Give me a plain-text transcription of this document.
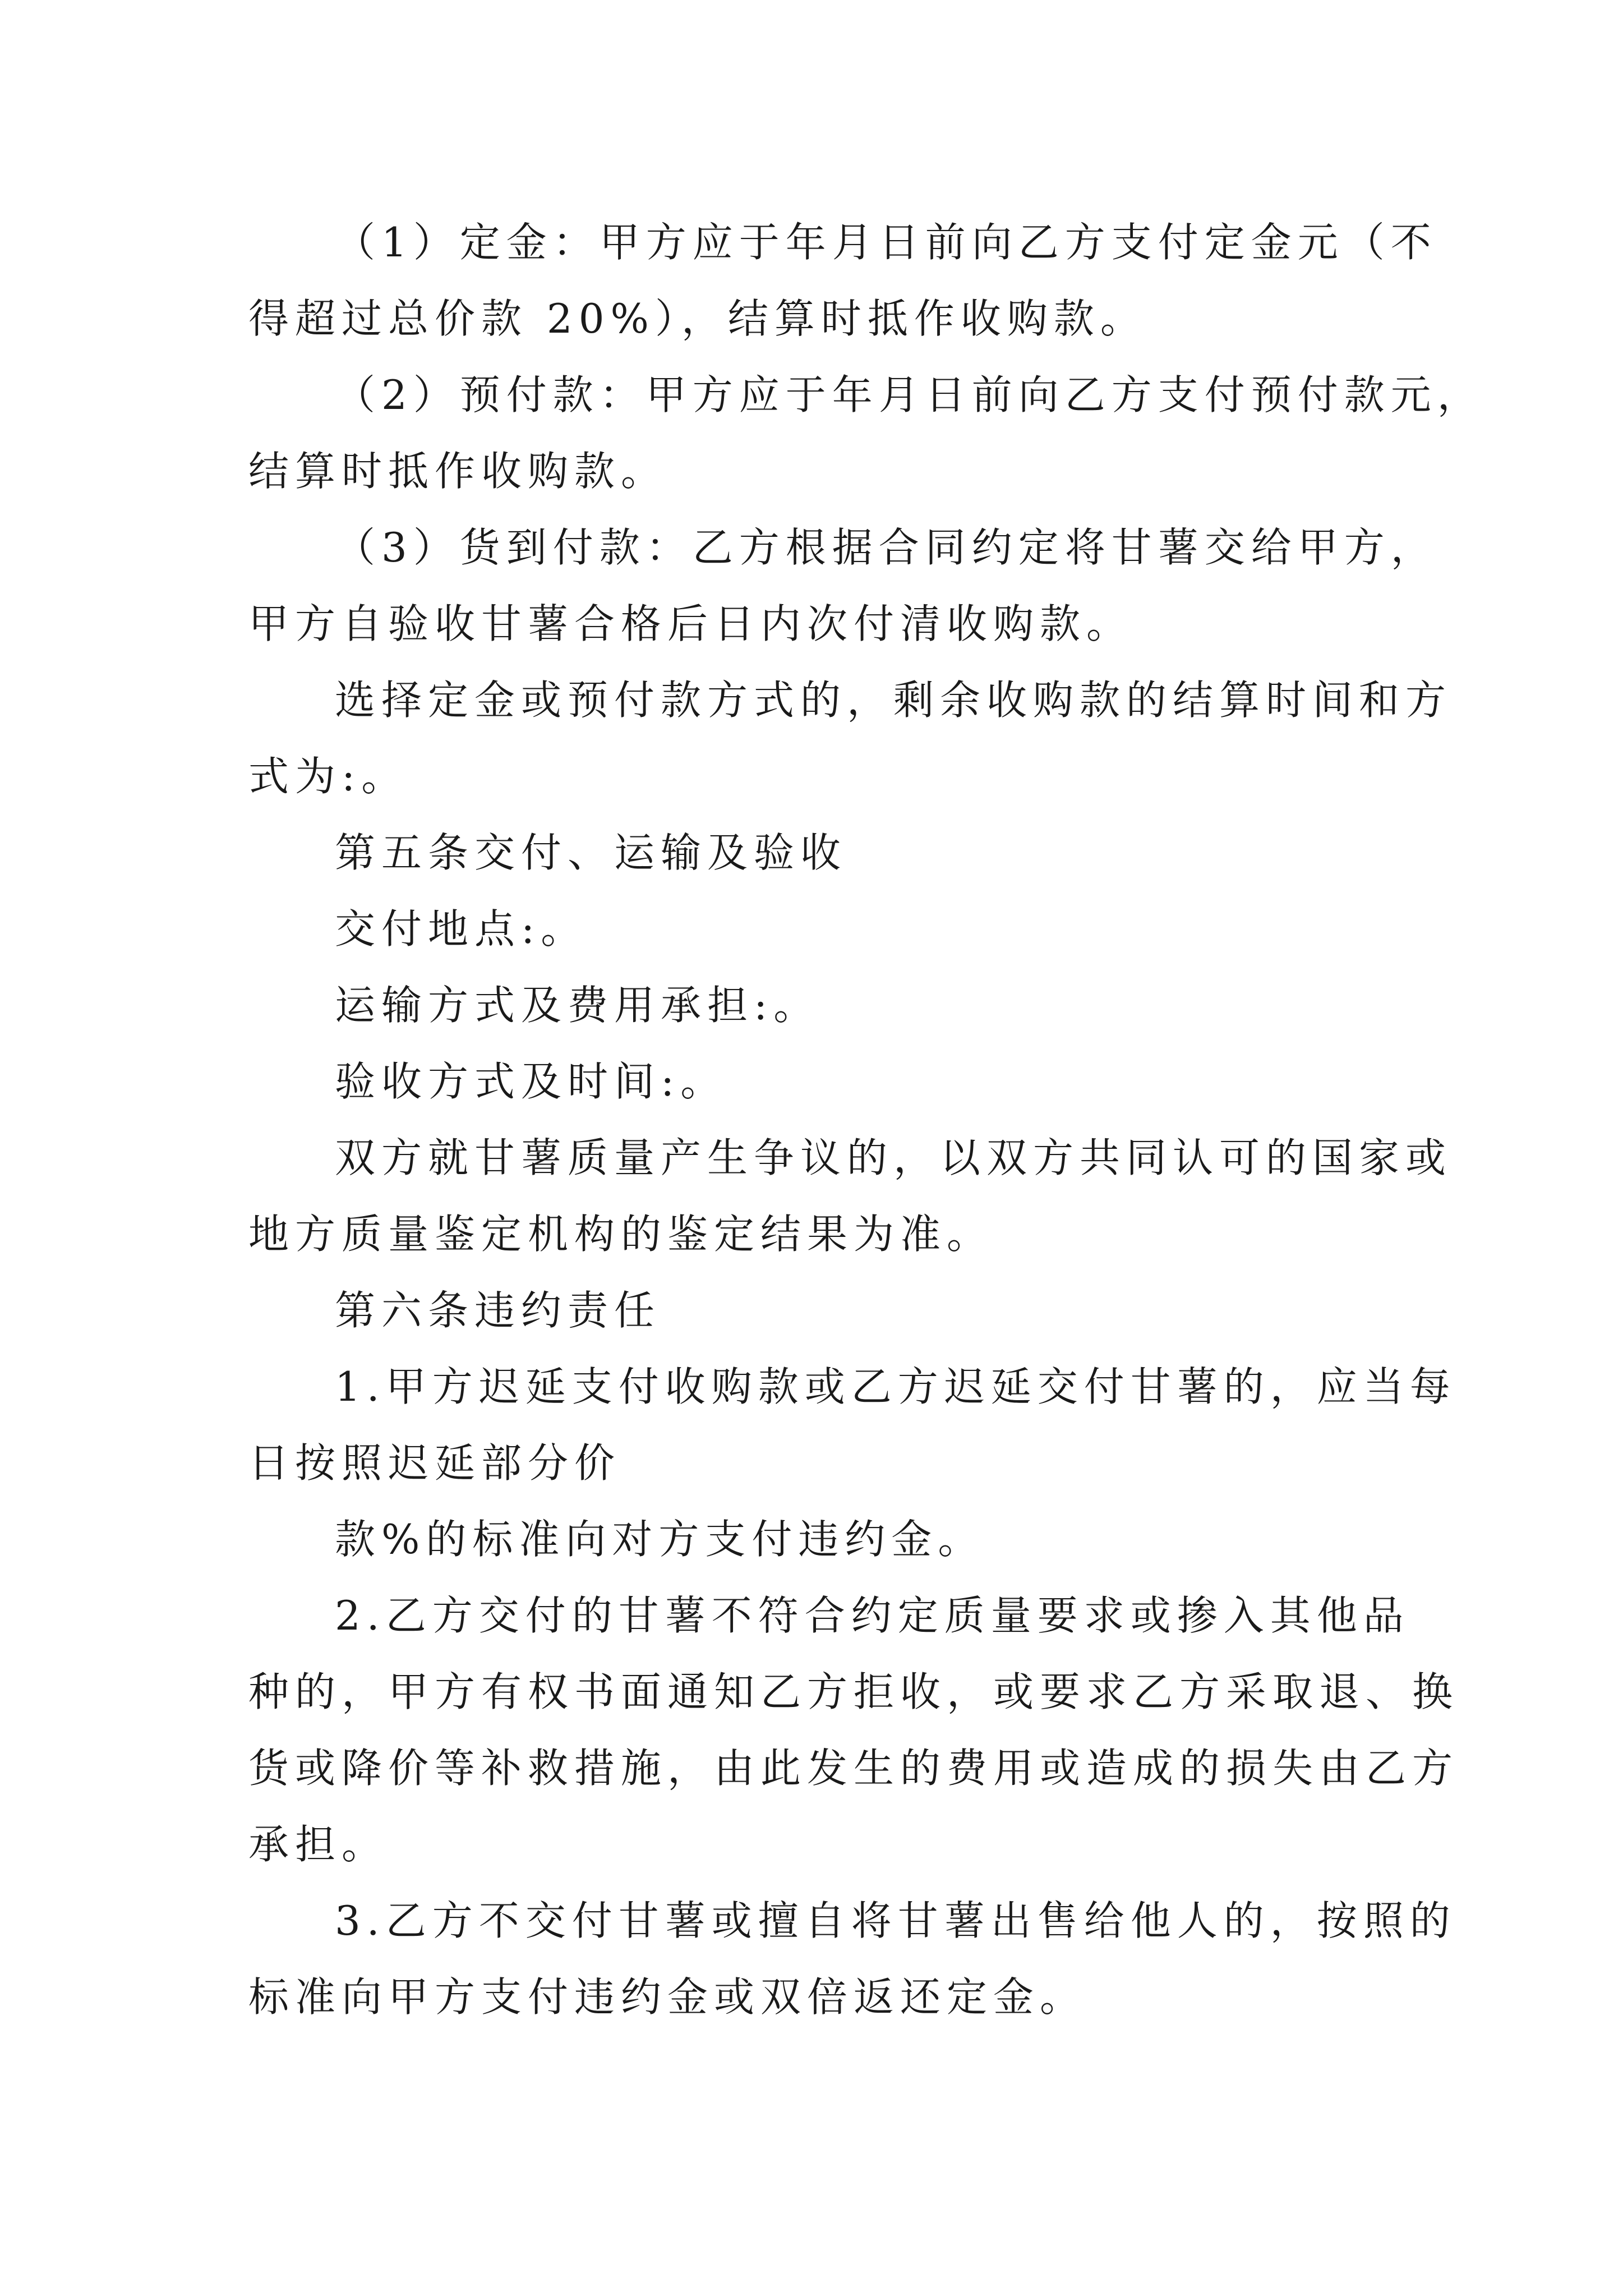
（1）定金：甲方应于年月日前向乙方支付定金元（不
得超过总价款 20%），结算时抵作收购款。
（2）预付款：甲方应于年月日前向乙方支付预付款元，
结算时抵作收购款。
（3）货到付款：乙方根据合同约定将甘薯交给甲方，
甲方自验收甘薯合格后日内次付清收购款。
选择定金或预付款方式的，剩余收购款的结算时间和方
式为:。
第五条交付、运输及验收
交付地点:。
运输方式及费用承担:。
验收方式及时间:。
双方就甘薯质量产生争议的，以双方共同认可的国家或
地方质量鉴定机构的鉴定结果为准。
第六条违约责任
1.甲方迟延支付收购款或乙方迟延交付甘薯的，应当每
日按照迟延部分价
款%的标准向对方支付违约金。
2.乙方交付的甘薯不符合约定质量要求或掺入其他品
种的，甲方有权书面通知乙方拒收，或要求乙方采取退、换
货或降价等补救措施，由此发生的费用或造成的损失由乙方
承担。
3.乙方不交付甘薯或擅自将甘薯出售给他人的，按照的
标准向甲方支付违约金或双倍返还定金。
